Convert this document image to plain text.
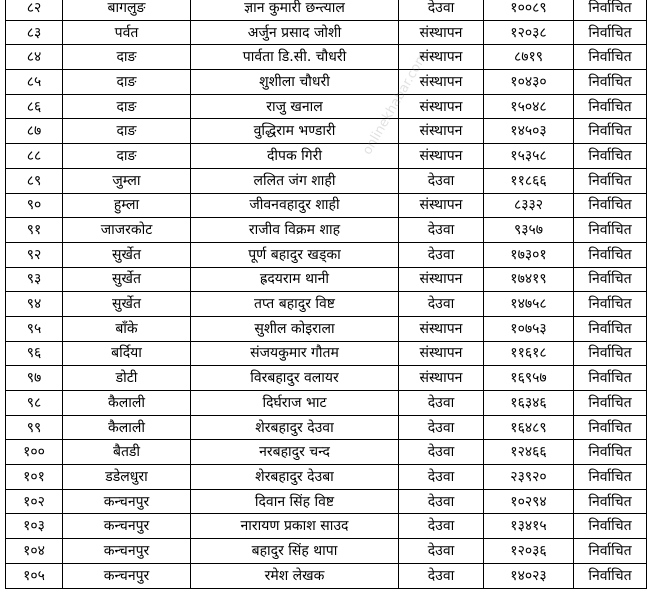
८२	बागलुङ	ज्ञान कुमारी छन्त्याल	देउवा	१००८९	निर्वाचित
८३	पर्वत	अर्जुन प्रसाद जोशी	संस्थापन	१२०३८	निर्वाचित
८४	दाङ	पार्वता डि.सी. चौधरी	संस्थापन	८७१९	निर्वाचित
८५	दाङ	शुशीला चौधरी	संस्थापन	१०४३०	निर्वाचित
८६	दाङ	राजु खनाल	संस्थापन	१५०४८	निर्वाचित
८७	दाङ	वुद्धिराम भण्डारी	संस्थापन	१४५०३	निर्वाचित
८८	दाङ	दीपक गिरी	संस्थापन	१५३५८	निर्वाचित
८९	जुम्ला	ललित जंग शाही	देउवा	११८६६	निर्वाचित
९०	हुम्ला	जीवनवहादुर शाही	संस्थापन	८३३२	निर्वाचित
९१	जाजरकोट	राजीव विक्रम शाह	देउवा	९३५७	निर्वाचित
९२	सुर्खेत	पूर्ण बहादुर खड्का	देउवा	१७३०१	निर्वाचित
९३	सुर्खेत	ह्रदयराम थानी	संस्थापन	१७४१९	निर्वाचित
९४	सुर्खेत	तप्त बहादुर विष्ट	देउवा	१४७५८	निर्वाचित
९५	बाँके	सुशील कोइराला	संस्थापन	१०७५३	निर्वाचित
९६	बर्दिया	संजयकुमार गौतम	संस्थापन	११६१८	निर्वाचित
९७	डोटी	विरबहादुर वलायर	संस्थापन	१६९५७	निर्वाचित
९८	कैलाली	दिर्घराज भाट	देउवा	१६३४६	निर्वाचित
९९	कैलाली	शेरबहादुर देउवा	देउवा	१६४८९	निर्वाचित
१००	बैतडी	नरबहादुर चन्द	देउवा	१२४६६	निर्वाचित
१०१	डडेलधुरा	शेरबहादुर देउबा	देउवा	२३९२०	निर्वाचित
१०२	कन्चनपुर	दिवान सिंह विष्ट	देउवा	१०२९४	निर्वाचित
१०३	कन्चनपुर	नारायण प्रकाश साउद	देउवा	१३४१५	निर्वाचित
१०४	कन्चनपुर	बहादुर सिंह थापा	देउवा	१२०३६	निर्वाचित
१०५	कन्चनपुर	रमेश लेखक	देउवा	१४०२३	निर्वाचित
onlinekhabar.com
